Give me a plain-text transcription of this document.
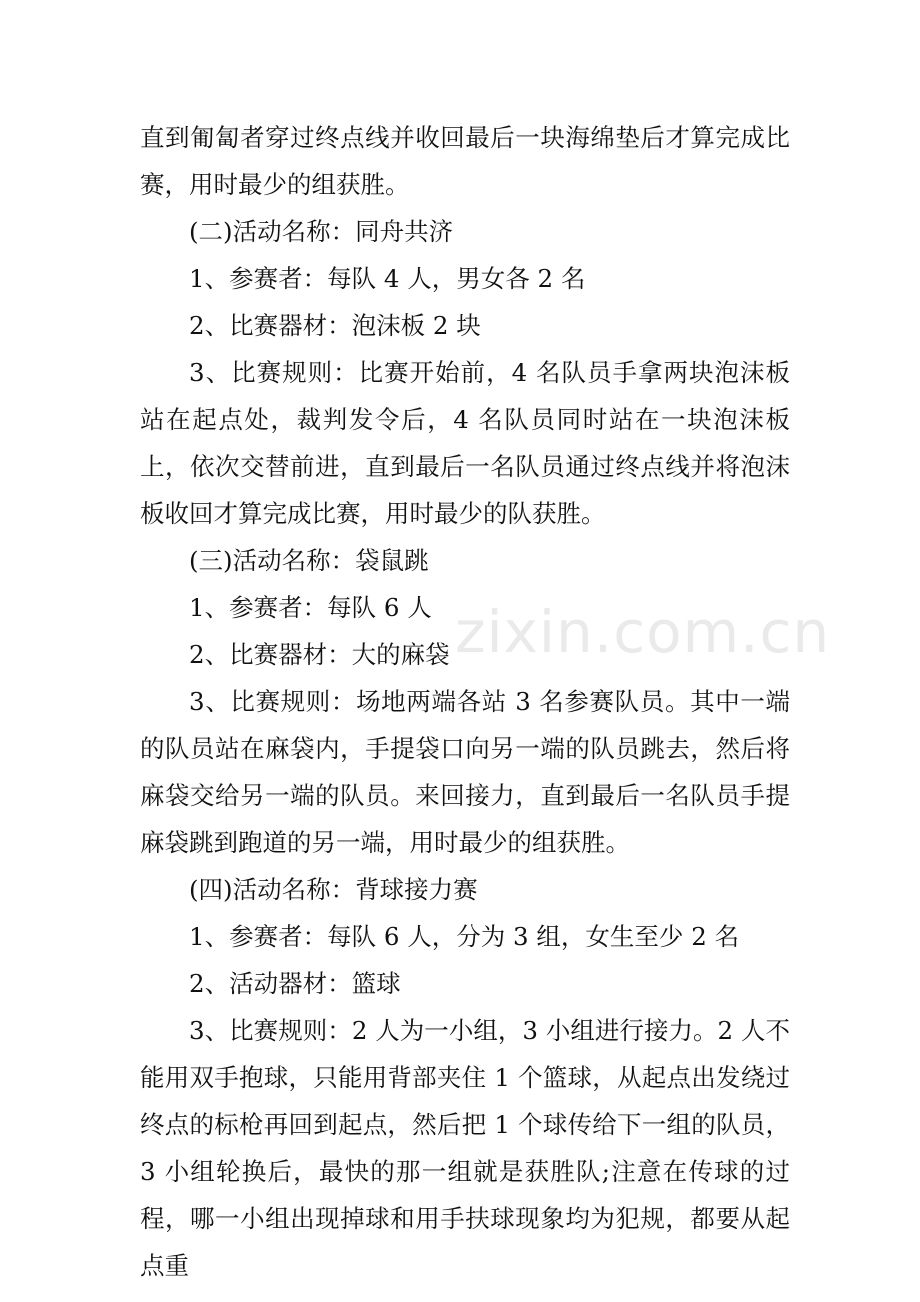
直到匍匐者穿过终点线并收回最后一块海绵垫后才算完成比赛，用时最少的组获胜。

(二)活动名称：同舟共济

1、参赛者：每队 4 人，男女各 2 名

2、比赛器材：泡沫板 2 块

3、比赛规则：比赛开始前，4 名队员手拿两块泡沫板站在起点处，裁判发令后，4 名队员同时站在一块泡沫板上，依次交替前进，直到最后一名队员通过终点线并将泡沫板收回才算完成比赛，用时最少的队获胜。

(三)活动名称：袋鼠跳

1、参赛者：每队 6 人

2、比赛器材：大的麻袋

3、比赛规则：场地两端各站 3 名参赛队员。其中一端的队员站在麻袋内，手提袋口向另一端的队员跳去，然后将麻袋交给另一端的队员。来回接力，直到最后一名队员手提麻袋跳到跑道的另一端，用时最少的组获胜。

(四)活动名称：背球接力赛

1、参赛者：每队 6 人，分为 3 组，女生至少 2 名

2、活动器材：篮球

3、比赛规则：2 人为一小组，3 小组进行接力。2 人不能用双手抱球，只能用背部夹住 1 个篮球，从起点出发绕过终点的标枪再回到起点，然后把 1 个球传给下一组的队员，3 小组轮换后，最快的那一组就是获胜队;注意在传球的过程，哪一小组出现掉球和用手扶球现象均为犯规，都要从起点重

zixin.com.cn
